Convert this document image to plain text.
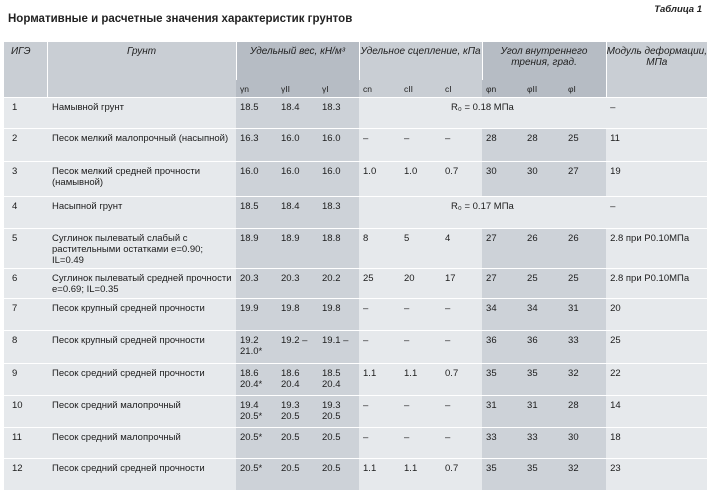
Нормативные и расчетные значения характеристик грунтов
Таблица 1
ИГЭ	Грунт	Удельный вес, кН/м³			Удельное сцепление, кПа			Угол внутреннего трения, град.			Модуль деформации, МПа
		γn	γII	γI	cn	cII	cI	φn	φII	φI	
1	Намывной грунт	18.5	18.4	18.3	R₀ = 0.18 МПа						–
2	Песок мелкий малопрочный (насыпной)	16.3	16.0	16.0	–	–	–	28	28	25	11
3	Песок мелкий средней прочности (намывной)	16.0	16.0	16.0	1.0	1.0	0.7	30	30	27	19
4	Насыпной грунт	18.5	18.4	18.3	R₀ = 0.17 МПа						–
5	Суглинок пылеватый слабый с растительными остатками e=0.90; IL=0.49	18.9	18.9	18.8	8	5	4	27	26	26	2.8 при Р0.10МПа
6	Суглинок пылеватый средней прочности e=0.69; IL=0.35	20.3	20.3	20.2	25	20	17	27	25	25	2.8 при Р0.10МПа
7	Песок крупный средней прочности	19.9	19.8	19.8	–	–	–	34	34	31	20
8	Песок крупный средней прочности	19.2 21.0*	19.2 –	19.1 –	–	–	–	36	36	33	25
9	Песок средний средней прочности	18.6 20.4*	18.6 20.4	18.5 20.4	1.1	1.1	0.7	35	35	32	22
10	Песок средний малопрочный	19.4 20.5*	19.3 20.5	19.3 20.5	–	–	–	31	31	28	14
11	Песок средний малопрочный	20.5*	20.5	20.5	–	–	–	33	33	30	18
12	Песок средний средней прочности	20.5*	20.5	20.5	1.1	1.1	0.7	35	35	32	23
